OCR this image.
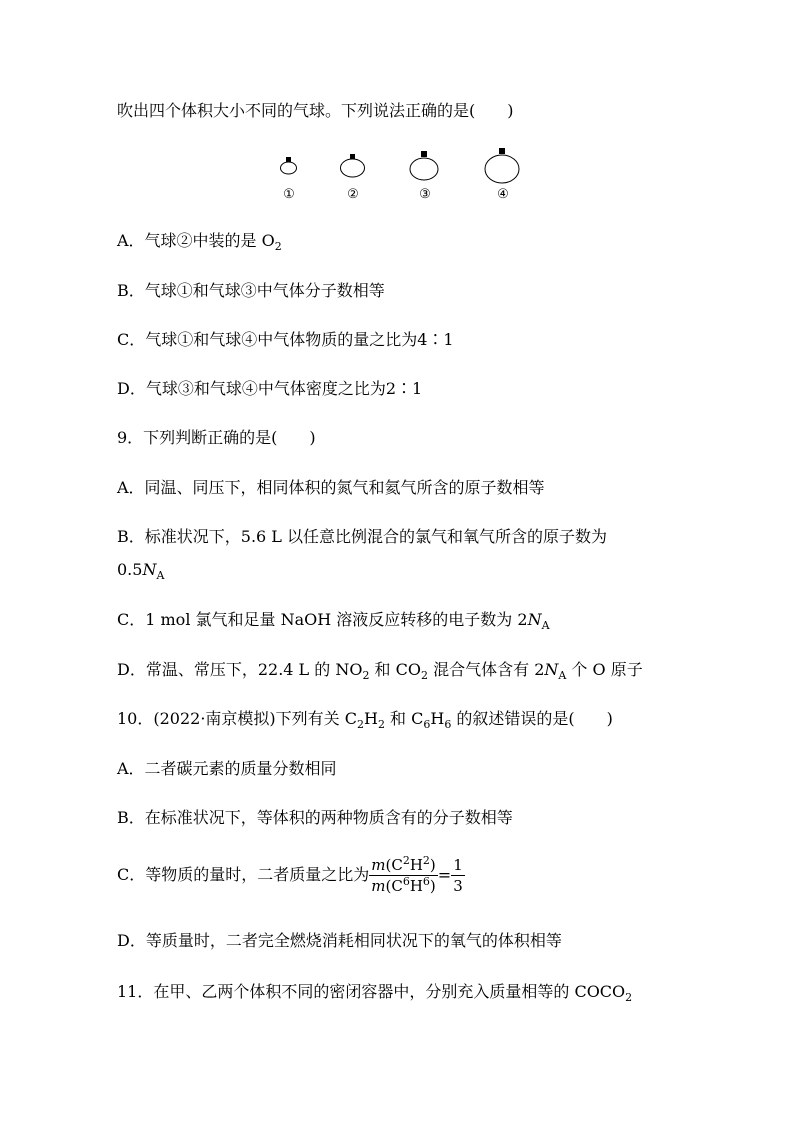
吹出四个体积大小不同的气球。下列说法正确的是(　　)
①	②	③	④
A．气球②中装的是 $O_2$
B．气球①和气球③中气体分子数相等
C．气球①和气球④中气体物质的量之比为4∶1
D．气球③和气球④中气体密度之比为2∶1
9．下列判断正确的是(　　)
A．同温、同压下，相同体积的氮气和氦气所含的原子数相等
B．标准状况下，5.6 L 以任意比例混合的氯气和氧气所含的原子数为
$0.5N_A$
C．1 mol 氯气和足量 NaOH 溶液反应转移的电子数为 $2N_A$
D．常温、常压下，22.4 L 的 $NO_2$ 和 $CO_2$ 混合气体含有 $2N_A$ 个 O 原子
10．(2022·南京模拟)下列有关 $C_2H_2$ 和 $C_6H_6$ 的叙述错误的是(　　)
A．二者碳元素的质量分数相同
B．在标准状况下，等体积的两种物质含有的分子数相等
C．等物质的量时，二者质量之比为 $\frac{m(C^2H^2)}{m(C^6H^6)} = \frac{1}{3}$
D．等质量时，二者完全燃烧消耗相同状况下的氧气的体积相等
11．在甲、乙两个体积不同的密闭容器中，分别充入质量相等的 $COCO_2$
